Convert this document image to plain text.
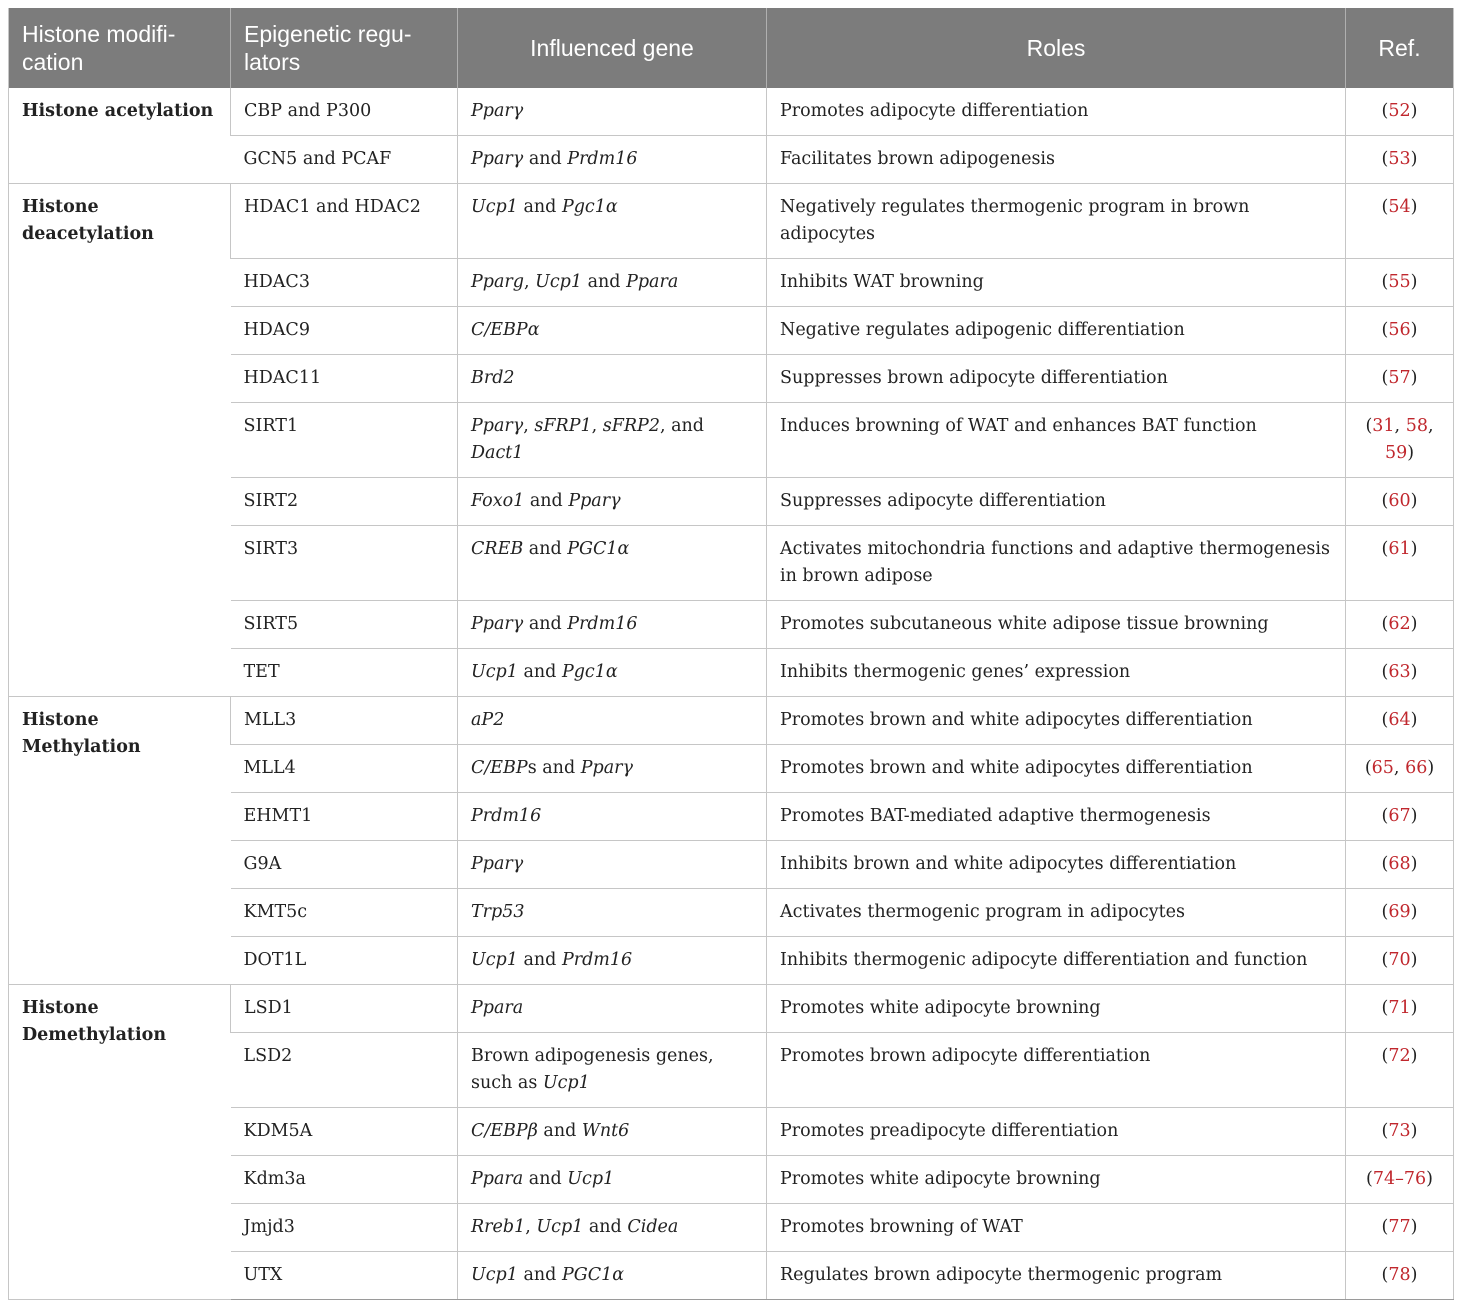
Histone modifi-cation	Epigenetic regu-lators	Influenced gene	Roles	Ref.
Histone acetylation	CBP and P300	Pparγ	Promotes adipocyte differentiation	(52)
	GCN5 and PCAF	Pparγ and Prdm16	Facilitates brown adipogenesis	(53)
Histone deacetylation	HDAC1 and HDAC2	Ucp1 and Pgc1α	Negatively regulates thermogenic program in brown adipocytes	(54)
	HDAC3	Pparg, Ucp1 and Ppara	Inhibits WAT browning	(55)
	HDAC9	C/EBPα	Negative regulates adipogenic differentiation	(56)
	HDAC11	Brd2	Suppresses brown adipocyte differentiation	(57)
	SIRT1	Pparγ, sFRP1, sFRP2, and Dact1	Induces browning of WAT and enhances BAT function	(31, 58, 59)
	SIRT2	Foxo1 and Pparγ	Suppresses adipocyte differentiation	(60)
	SIRT3	CREB and PGC1α	Activates mitochondria functions and adaptive thermogenesis in brown adipose	(61)
	SIRT5	Pparγ and Prdm16	Promotes subcutaneous white adipose tissue browning	(62)
	TET	Ucp1 and Pgc1α	Inhibits thermogenic genes’ expression	(63)
Histone Methylation	MLL3	aP2	Promotes brown and white adipocytes differentiation	(64)
	MLL4	C/EBPs and Pparγ	Promotes brown and white adipocytes differentiation	(65, 66)
	EHMT1	Prdm16	Promotes BAT-mediated adaptive thermogenesis	(67)
	G9A	Pparγ	Inhibits brown and white adipocytes differentiation	(68)
	KMT5c	Trp53	Activates thermogenic program in adipocytes	(69)
	DOT1L	Ucp1 and Prdm16	Inhibits thermogenic adipocyte differentiation and function	(70)
Histone Demethylation	LSD1	Ppara	Promotes white adipocyte browning	(71)
	LSD2	Brown adipogenesis genes, such as Ucp1	Promotes brown adipocyte differentiation	(72)
	KDM5A	C/EBPβ and Wnt6	Promotes preadipocyte differentiation	(73)
	Kdm3a	Ppara and Ucp1	Promotes white adipocyte browning	(74–76)
	Jmjd3	Rreb1, Ucp1 and Cidea	Promotes browning of WAT	(77)
	UTX	Ucp1 and PGC1α	Regulates brown adipocyte thermogenic program	(78)
